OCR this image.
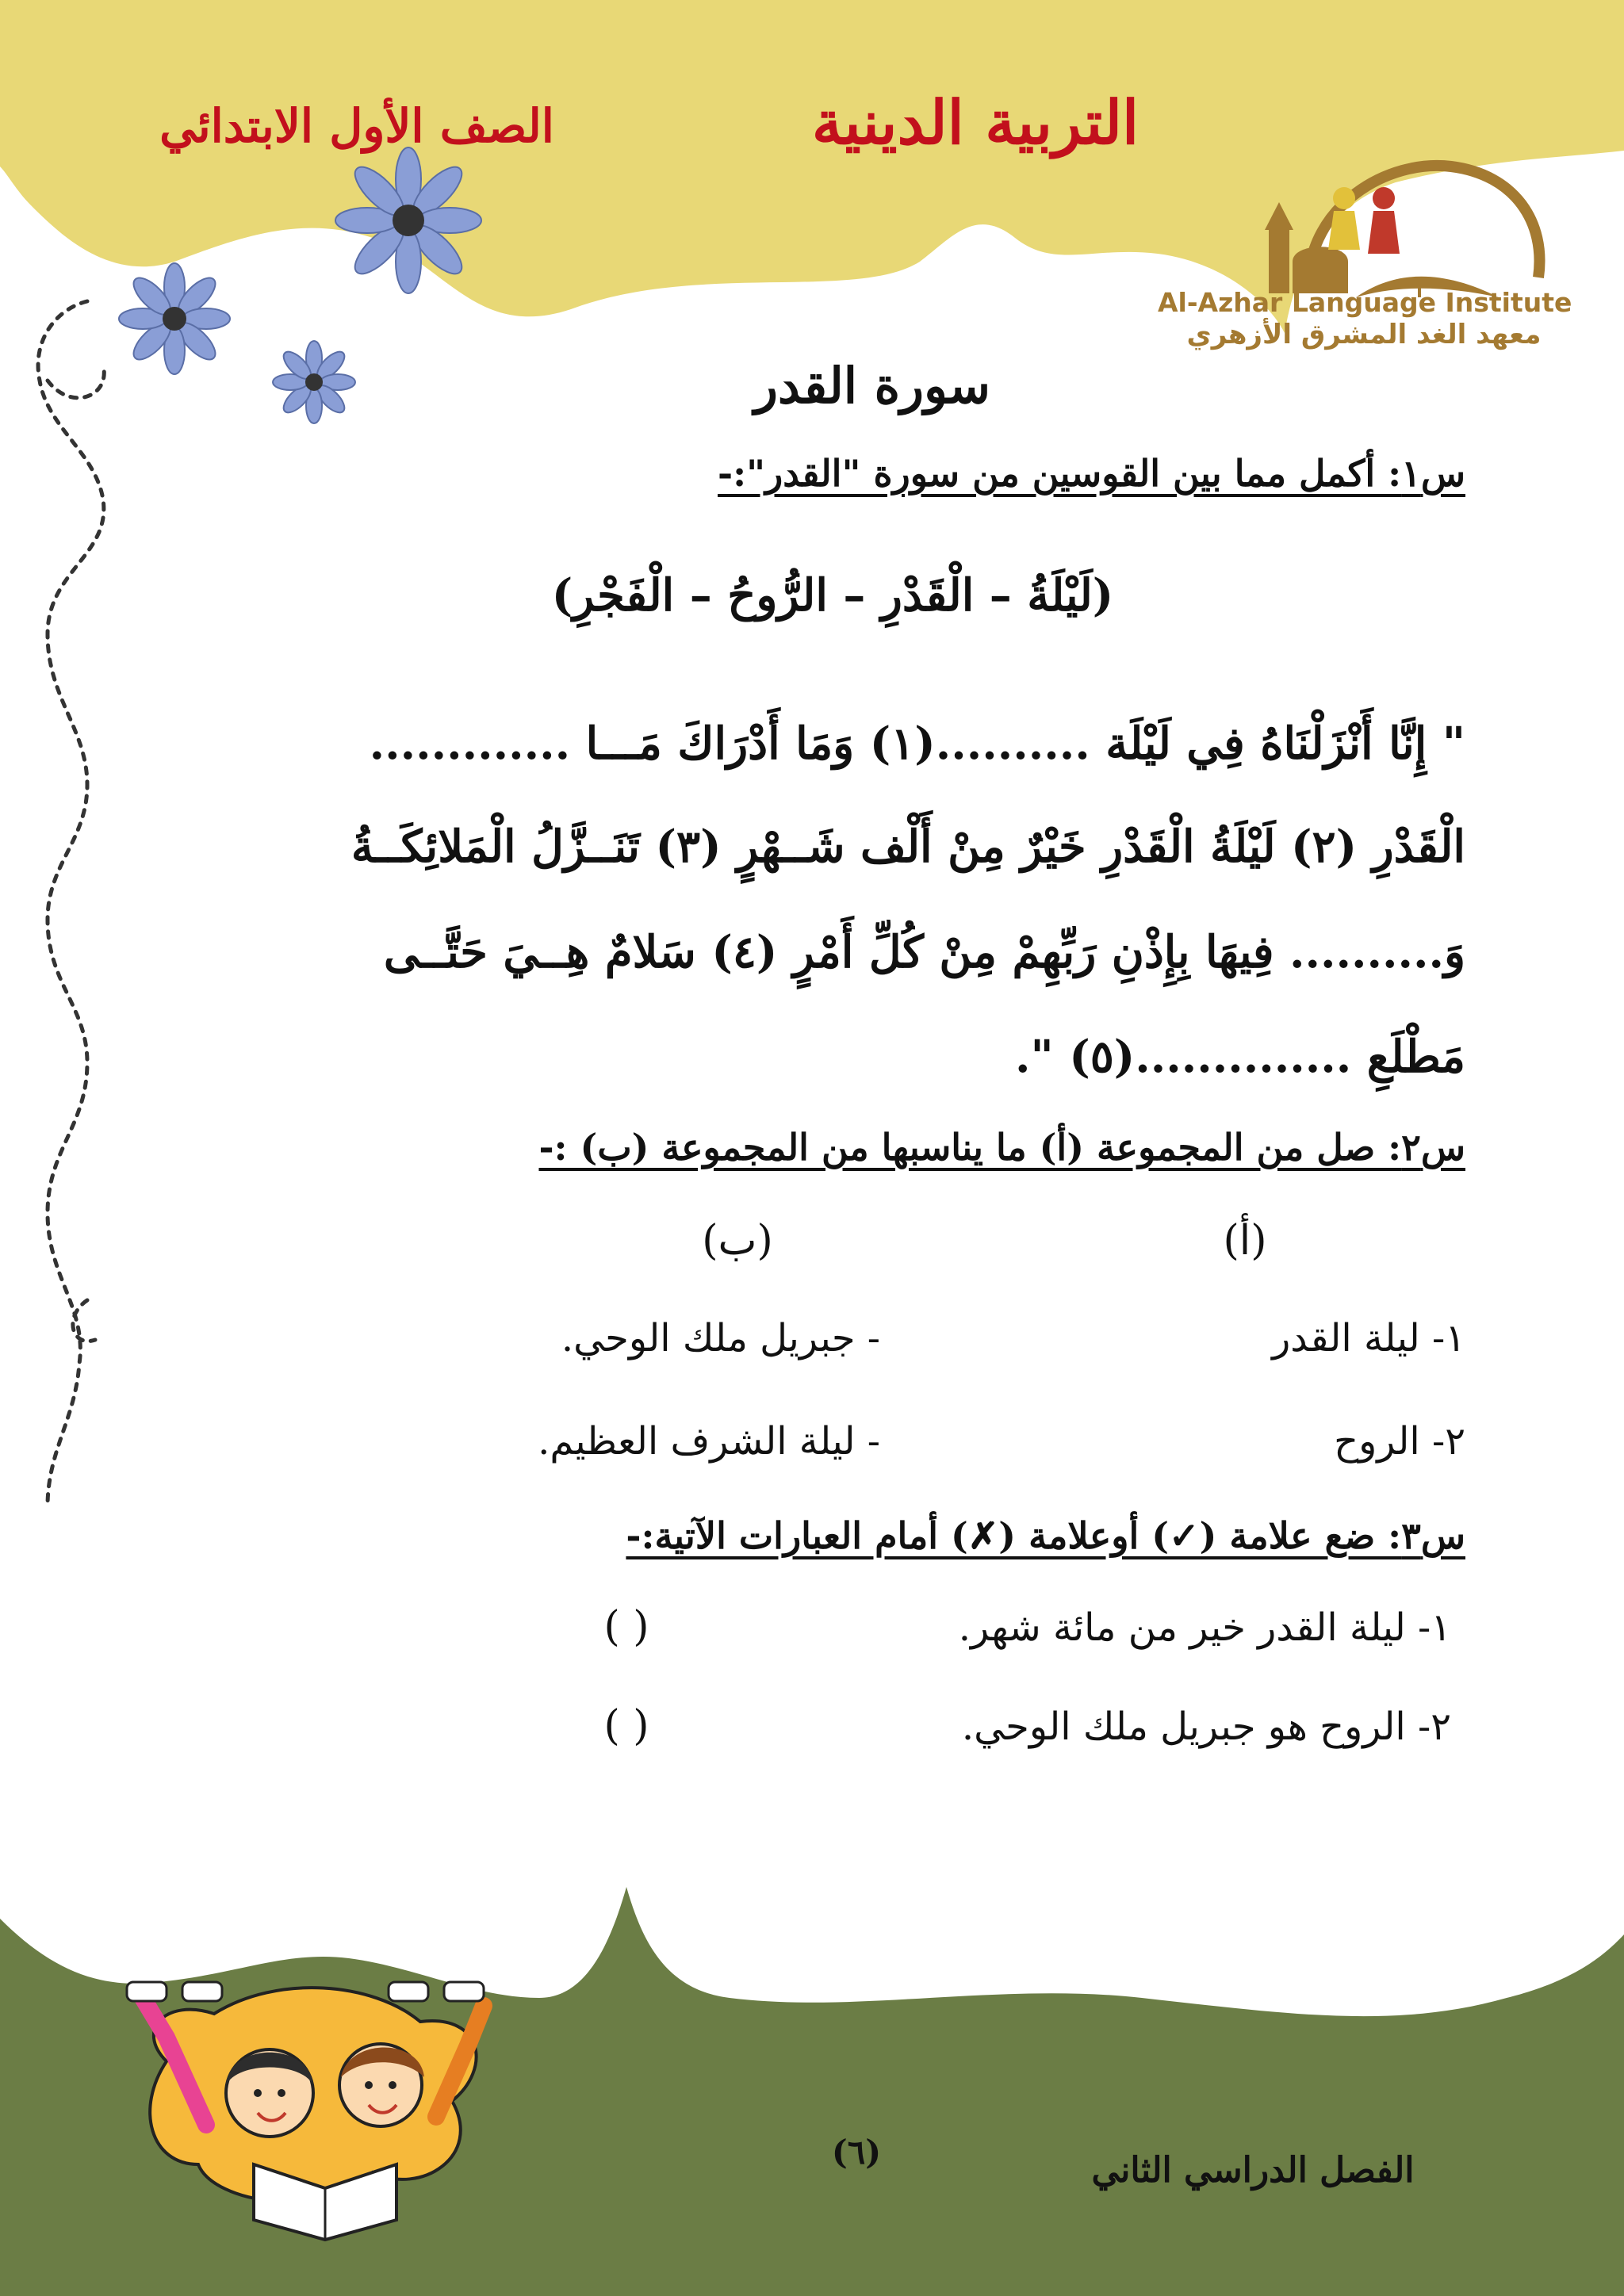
التربية الدينية
الصف الأول الابتدائي
Al-Azhar Language Institute
معهد الغد المشرق الأزهري
سورة القدر
س١: أكمل مما بين القوسين من سورة "القدر":-
(لَيْلَةُ – الْقَدْرِ – الرُّوحُ – الْفَجْرِ)
" إِنَّا أَنْزَلْنَاهُ فِي لَيْلَة ..........(١) وَمَا أَدْرَاكَ مَـــا .............
الْقَدْرِ (٢) لَيْلَةُ الْقَدْرِ خَيْرٌ مِنْ أَلْف شَــهْرٍ (٣) تَنَــزَّلُ الْمَلائِكَــةُ
وَ.......... فِيهَا بِإِذْنِ رَبِّهِمْ مِنْ كُلِّ أَمْرٍ (٤) سَلامٌ هِــيَ حَتَّــى
مَطْلَعِ ..............(٥) ".
س٢: صل من المجموعة (أ) ما يناسبها من المجموعة (ب) :-
(أ)
(ب)
١- ليلة القدر
- جبريل ملك الوحي.
٢- الروح
- ليلة الشرف العظيم.
س٣: ضع علامة (✓) أوعلامة (✗) أمام العبارات الآتية:-
١- ليلة القدر خير من مائة شهر.
( )
٢- الروح هو جبريل ملك الوحي.
( )
(٦)	الفصل الدراسي الثاني
